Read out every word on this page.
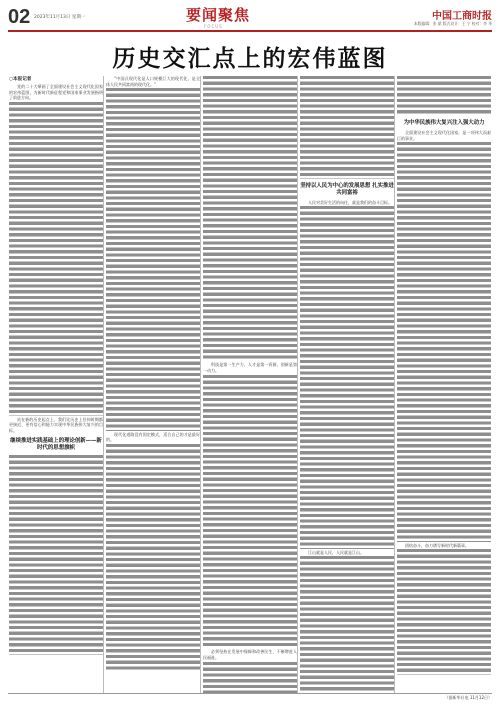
02 2023年11月13日 星期一	要闻聚焦
FOCUS
中国工商时报
本版编辑：张 斌 版式设计：王 宁 校对：李 华
历史交汇点上的宏伟蓝图
○本报记者

党的二十大擘画了全面建设社会主义现代化国家的宏伟蓝图，为新时代新征程党和国家事业发展指明了前进方向。

站在新的历史起点上，我们比历史上任何时期都更接近、更有信心和能力实现中华民族伟大复兴的目标。

继续推进实践基础上的理论创新——新时代的思想旗帜

“中国式现代化是人口规模巨大的现代化，是全体人民共同富裕的现代化。”

现代化道路没有固定模式，适合自己的才是最好的。

科技是第一生产力、人才是第一资源、创新是第一动力。

必须坚持在发展中保障和改善民生，不断增进人民福祉。

坚持以人民为中心的发展思想 扎实推进共同富裕

人民对美好生活的向往，就是我们的奋斗目标。

江山就是人民，人民就是江山。

为中华民族伟大复兴注入强大动力

全面建设社会主义现代化国家，是一项伟大而艰巨的事业。

团结奋斗，奋力谱写新时代新篇章。

（据新华社电 11月12日）
